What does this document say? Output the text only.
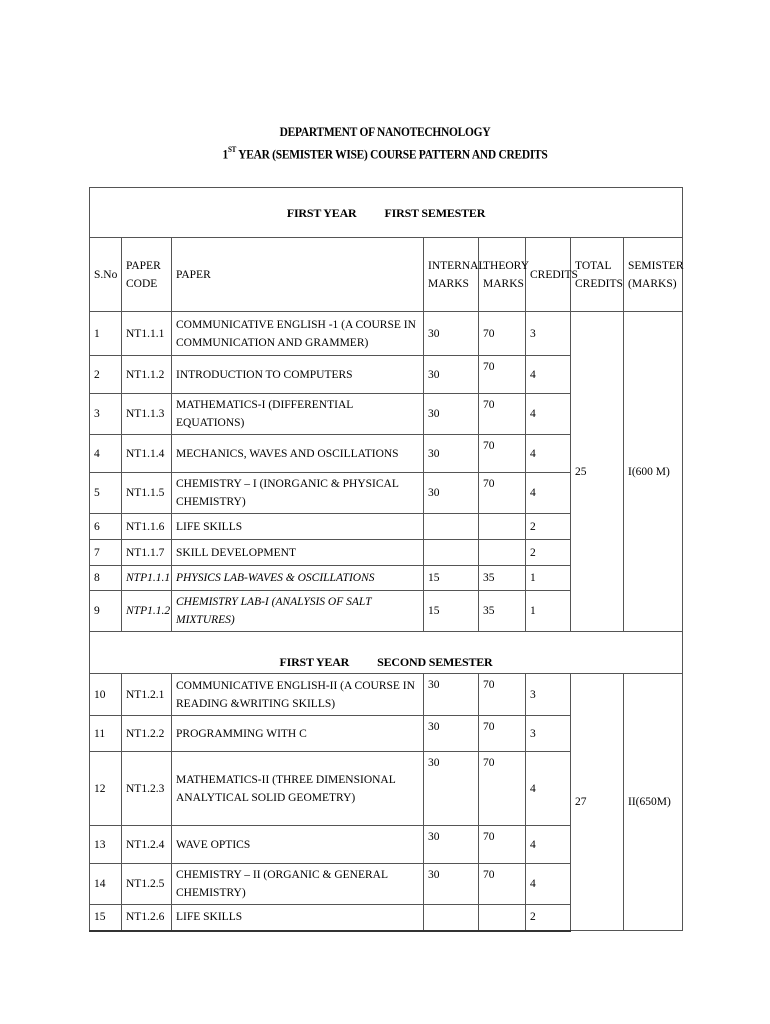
DEPARTMENT OF NANOTECHNOLOGY
1ST YEAR (SEMISTER WISE) COURSE PATTERN AND CREDITS
FIRST YEAR FIRST SEMESTER							
S.No	PAPER CODE	PAPER	INTERNAL MARKS	THEORY MARKS	CREDITS	TOTAL CREDITS	SEMISTER (MARKS)
1	NT1.1.1	COMMUNICATIVE ENGLISH -1 (A COURSE IN COMMUNICATION AND GRAMMER)	30	70	3	25	I(600 M)
2	NT1.1.2	INTRODUCTION TO COMPUTERS	30	70	4		
3	NT1.1.3	MATHEMATICS-I (DIFFERENTIAL EQUATIONS)	30	70	4		
4	NT1.1.4	MECHANICS, WAVES AND OSCILLATIONS	30	70	4		
5	NT1.1.5	CHEMISTRY – I (INORGANIC & PHYSICAL CHEMISTRY)	30	70	4		
6	NT1.1.6	LIFE SKILLS			2		
7	NT1.1.7	SKILL DEVELOPMENT			2		
8	NTP1.1.1	PHYSICS LAB-WAVES & OSCILLATIONS	15	35	1		
9	NTP1.1.2	CHEMISTRY LAB-I (ANALYSIS OF SALT MIXTURES)	15	35	1		
FIRST YEAR SECOND SEMESTER							
10	NT1.2.1	COMMUNICATIVE ENGLISH-II (A COURSE IN READING &WRITING SKILLS)	30	70	3	27	II(650M)
11	NT1.2.2	PROGRAMMING WITH C	30	70	3		
12	NT1.2.3	MATHEMATICS-II (THREE DIMENSIONAL ANALYTICAL SOLID GEOMETRY)	30	70	4		
13	NT1.2.4	WAVE OPTICS	30	70	4		
14	NT1.2.5	CHEMISTRY – II (ORGANIC & GENERAL CHEMISTRY)	30	70	4		
15	NT1.2.6	LIFE SKILLS			2		
